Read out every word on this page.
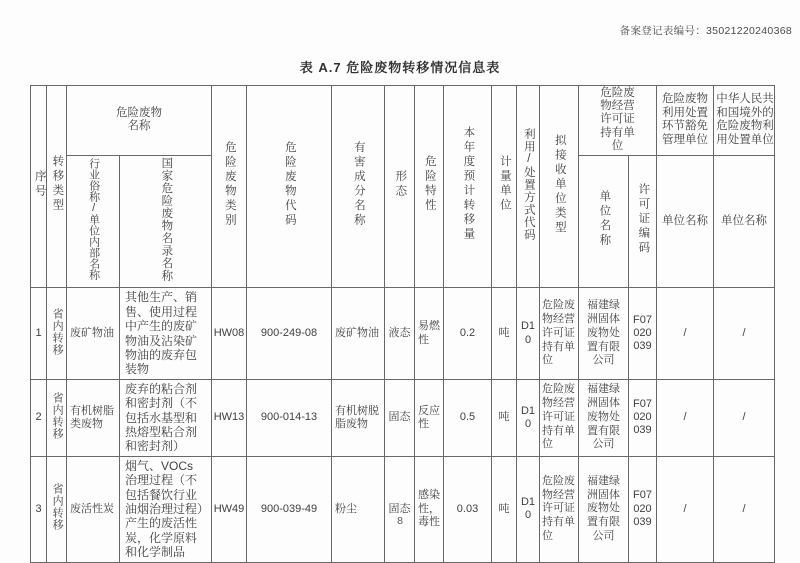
备案登记表编号：35021220240368
表 A.7 危险废物转移情况信息表
序号	转移类型	危险废物名称		危险废物类别	危险废物代码	有害成分名称	形态	危险特性	本年度预计转移量	计量单位	利用/处置方式代码	拟接收单位类型	危险废物经营许可证持有单位		危险废物利用处置环节豁免管理单位	中华人民共和国境外的危险废物利用处置单位
		行业俗称/单位内部名称	国家危险废物名录名称										单位名称	许可证编码	单位名称	单位名称
1	省内转移	废矿物油	其他生产、销售、使用过程中产生的废矿物油及沾染矿物油的废弃包装物	HW08	900-249-08	废矿物油	液态	易燃性	0.2	吨	D10	危险废物经营许可证持有单位	福建绿洲固体废物处置有限公司	F07020039	/	/
2	省内转移	有机树脂类废物	废弃的粘合剂和密封剂（不包括水基型和热熔型粘合剂和密封剂）	HW13	900-014-13	有机树脱脂废物	固态	反应性	0.5	吨	D10	危险废物经营许可证持有单位	福建绿洲固体废物处置有限公司	F07020039	/	/
3	省内转移	废活性炭	烟气、VOCs 治理过程（不包括餐饮行业油烟治理过程）产生的废活性炭，化学原料和化学制品	HW49	900-039-49	粉尘	固态	感染性，毒性	0.03	吨	D10	危险废物经营许可证持有单位	福建绿洲固体废物处置有限公司	F07020039	/	/
8
